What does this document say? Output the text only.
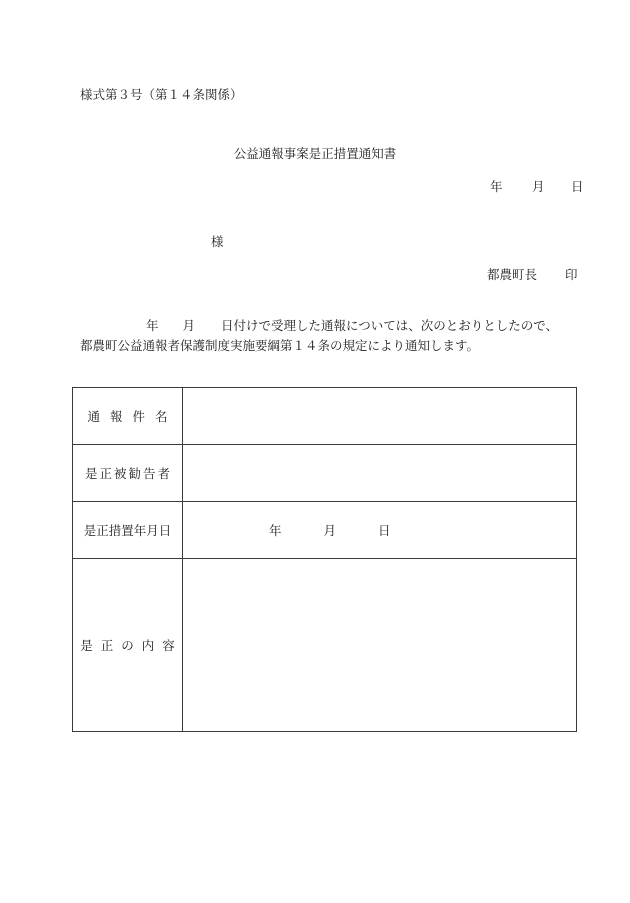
様式第３号（第１４条関係）
公益通報事案是正措置通知書
年 月 日
様
都農町長 印
年 月 日付けで受理した通報については、次のとおりとしたので、
都農町公益通報者保護制度実施要綱第１４条の規定により通知します。
通報件名	
是正被勧告者	
是正措置年月日	年 月 日
是正の内容	
